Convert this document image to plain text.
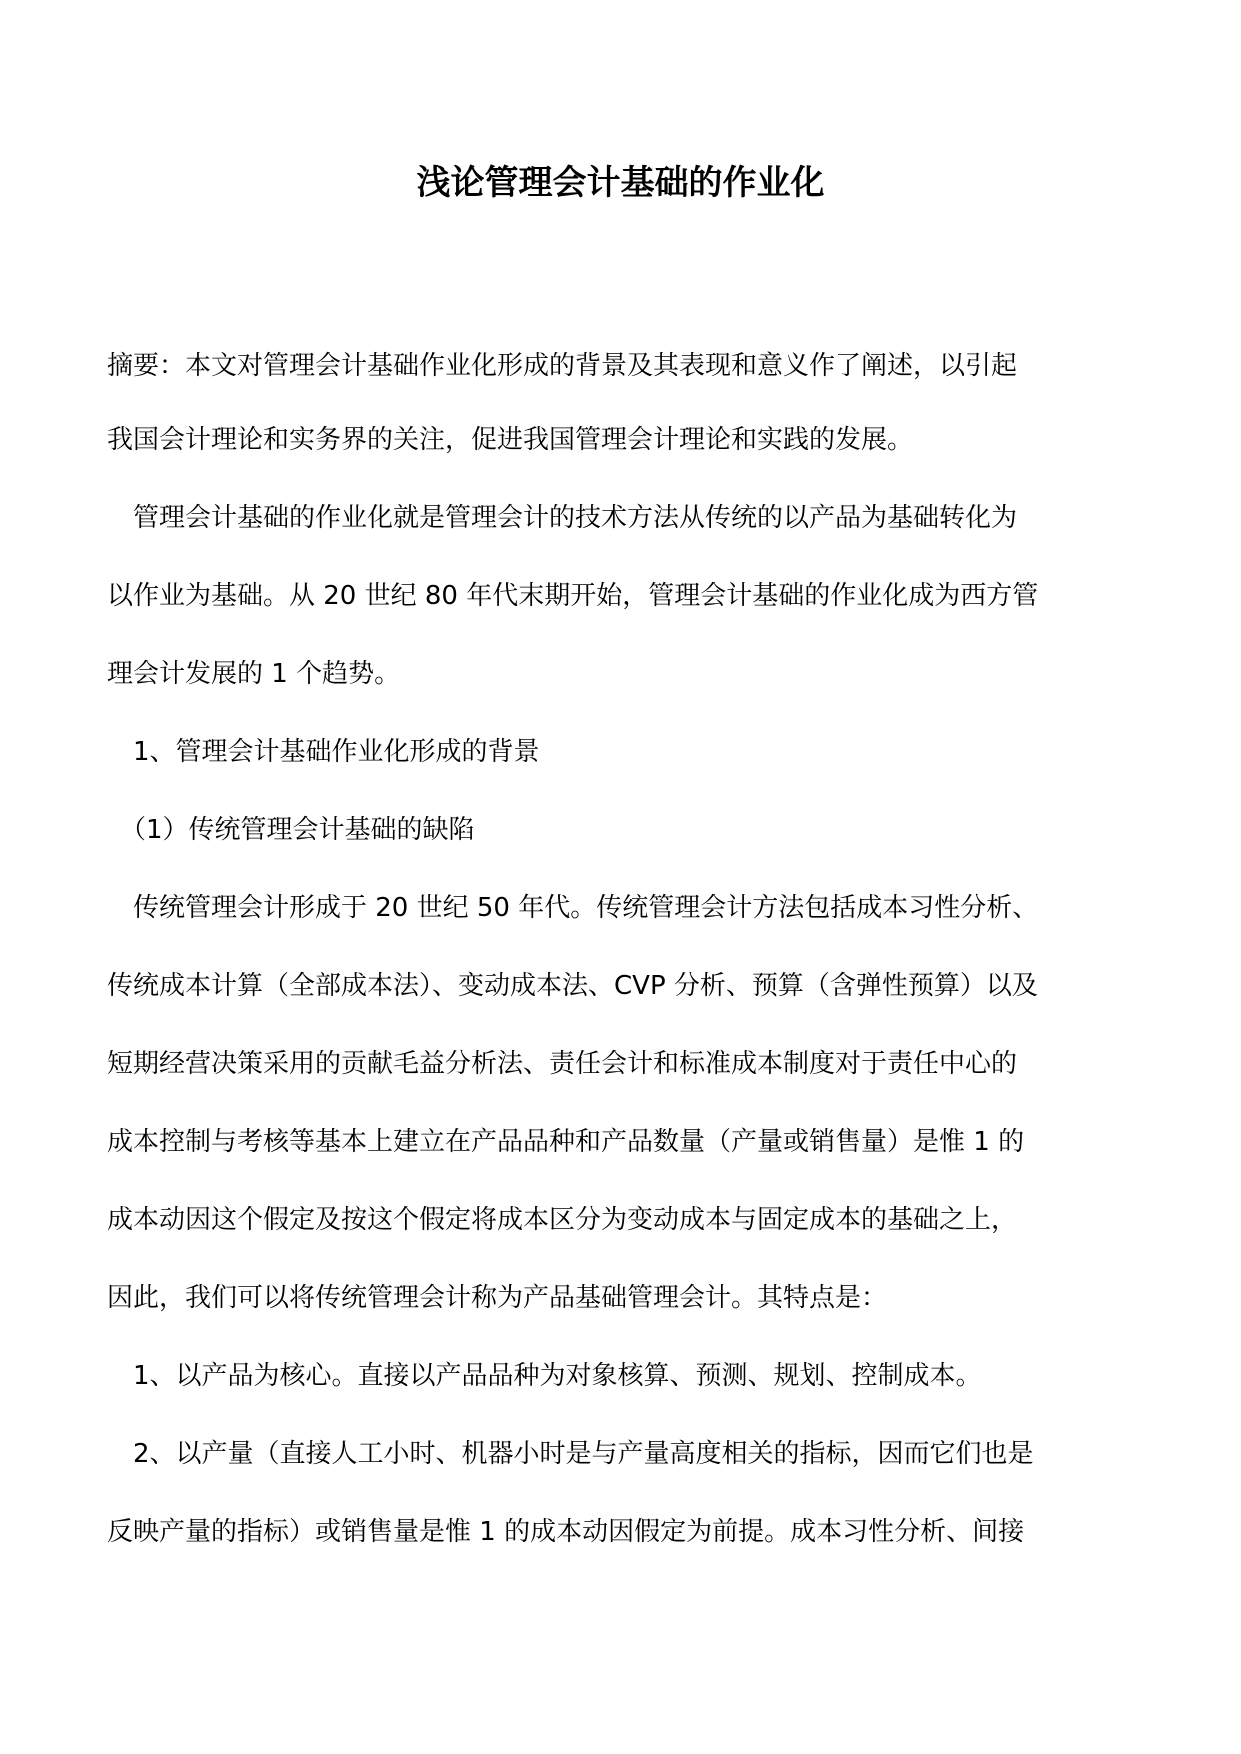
浅论管理会计基础的作业化

摘要：本文对管理会计基础作业化形成的背景及其表现和意义作了阐述，以引起

我国会计理论和实务界的关注，促进我国管理会计理论和实践的发展。

　管理会计基础的作业化就是管理会计的技术方法从传统的以产品为基础转化为

以作业为基础。从 20 世纪 80 年代末期开始，管理会计基础的作业化成为西方管

理会计发展的 1 个趋势。

　1、管理会计基础作业化形成的背景

　（1）传统管理会计基础的缺陷

　传统管理会计形成于 20 世纪 50 年代。传统管理会计方法包括成本习性分析、

传统成本计算（全部成本法）、变动成本法、CVP 分析、预算（含弹性预算）以及

短期经营决策采用的贡献毛益分析法、责任会计和标准成本制度对于责任中心的

成本控制与考核等基本上建立在产品品种和产品数量（产量或销售量）是惟 1 的

成本动因这个假定及按这个假定将成本区分为变动成本与固定成本的基础之上，

因此，我们可以将传统管理会计称为产品基础管理会计。其特点是：

　1、以产品为核心。直接以产品品种为对象核算、预测、规划、控制成本。

　2、以产量（直接人工小时、机器小时是与产量高度相关的指标，因而它们也是

反映产量的指标）或销售量是惟 1 的成本动因假定为前提。成本习性分析、间接
